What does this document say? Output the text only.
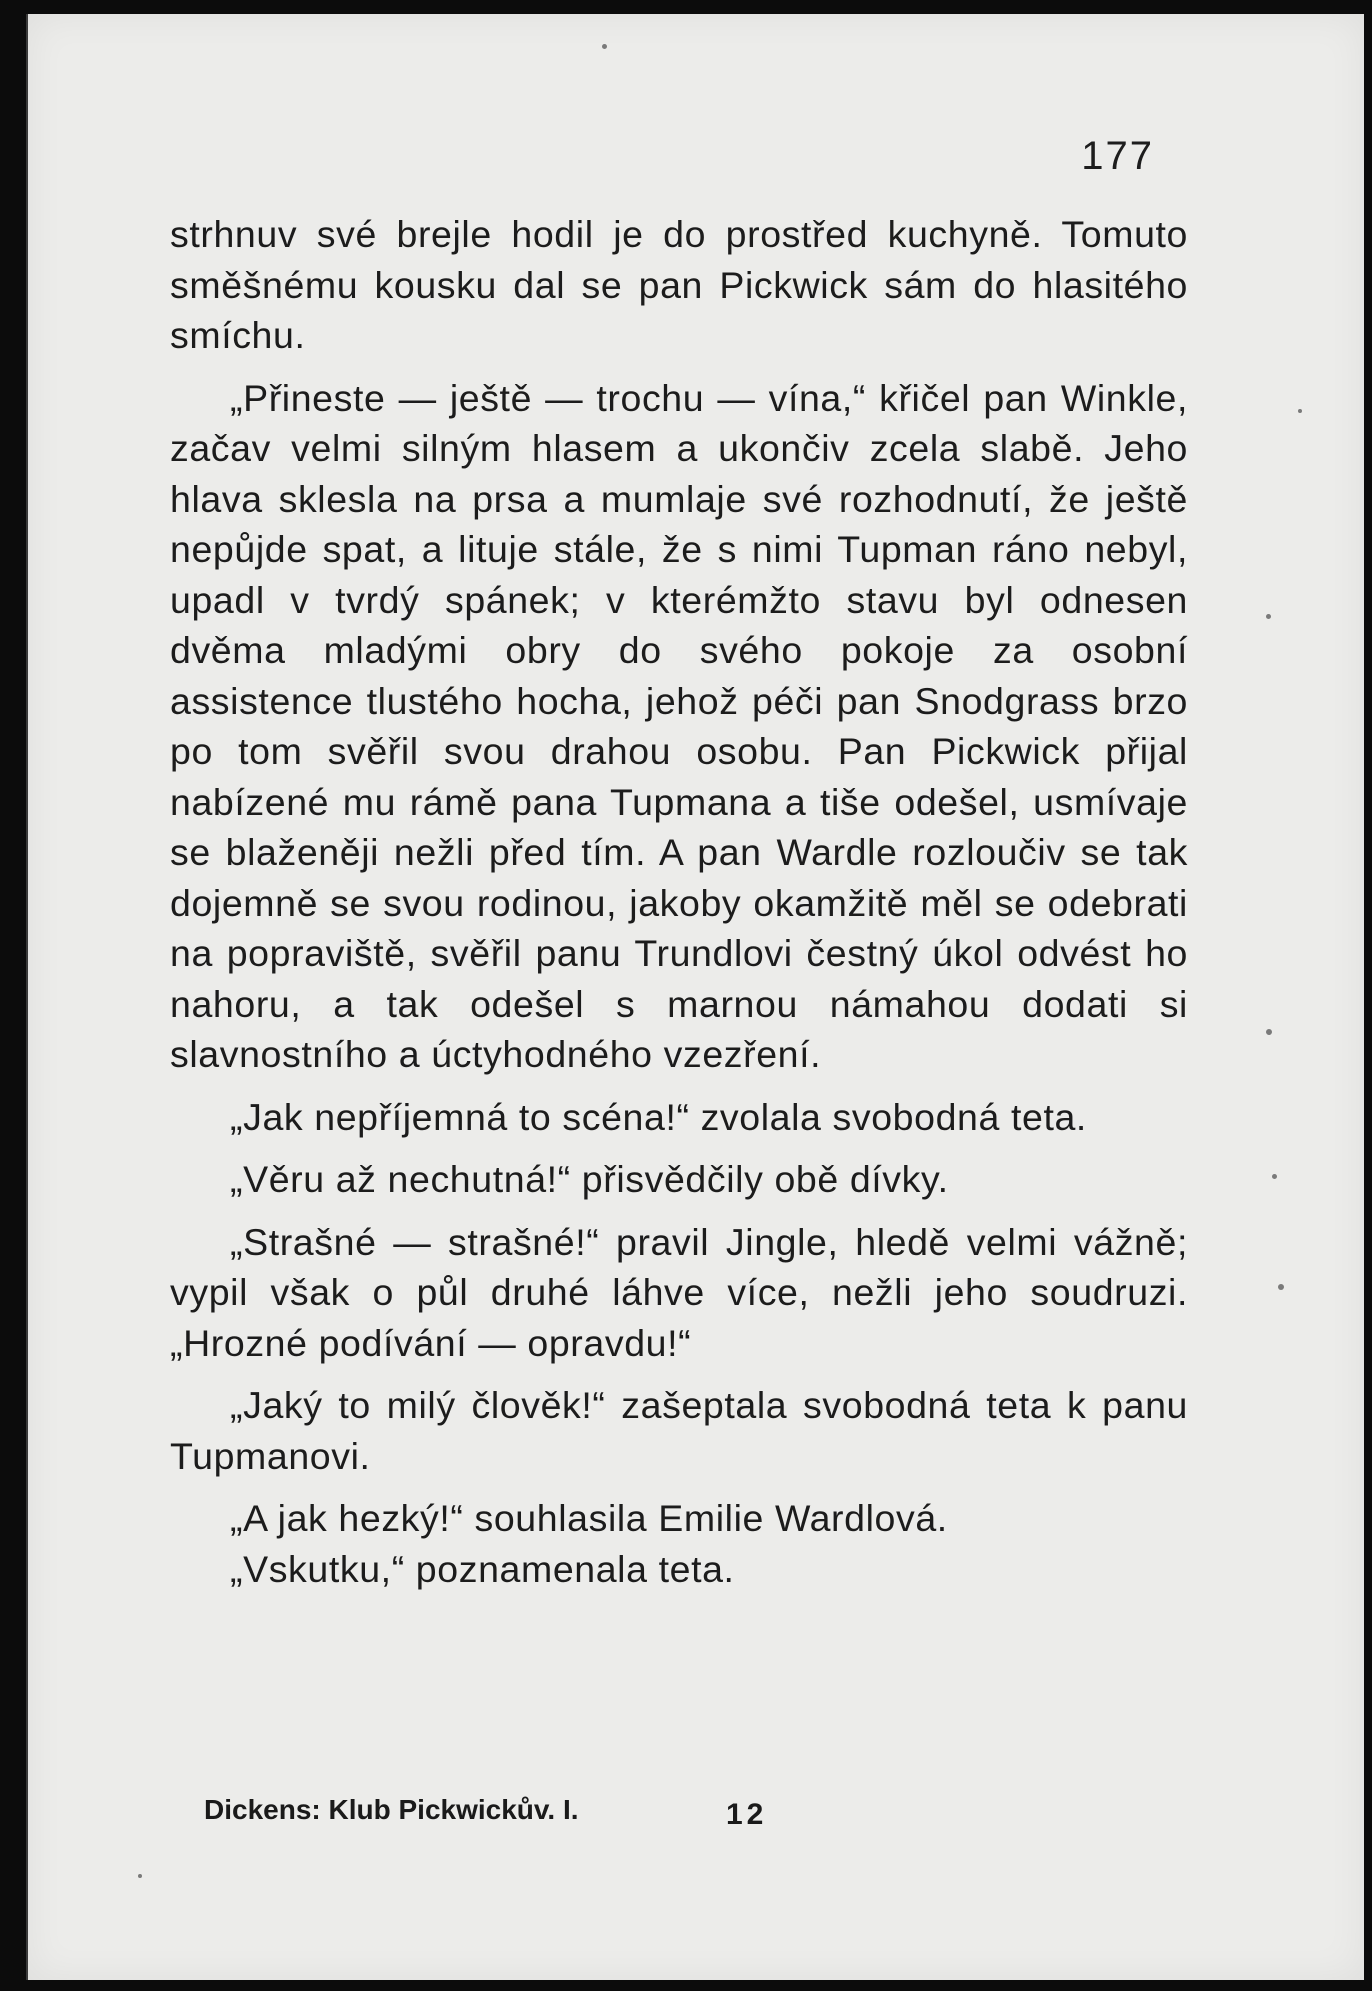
177

strhnuv své brejle hodil je do prostřed kuchyně. Tomuto směšnému kousku dal se pan Pickwick sám do hlasitého smíchu.

„Přineste — ještě — trochu — vína,“ křičel pan Winkle, začav velmi silným hlasem a ukončiv zcela slabě. Jeho hlava sklesla na prsa a mumlaje své rozhodnutí, že ještě nepůjde spat, a lituje stále, že s nimi Tupman ráno nebyl, upadl v tvrdý spánek; v kterémžto stavu byl odnesen dvěma mladými obry do svého pokoje za osobní assistence tlustého hocha, jehož péči pan Snodgrass brzo po tom svěřil svou drahou osobu. Pan Pickwick přijal nabízené mu rámě pana Tupmana a tiše odešel, usmívaje se blaženěji nežli před tím. A pan Wardle rozloučiv se tak dojemně se svou rodinou, jakoby okamžitě měl se odebrati na popraviště, svěřil panu Trundlovi čestný úkol odvést ho nahoru, a tak odešel s marnou námahou dodati si slavnostního a úctyhodného vzezření.

„Jak nepříjemná to scéna!“ zvolala svobodná teta.

„Věru až nechutná!“ přisvědčily obě dívky.

„Strašné — strašné!“ pravil Jingle, hledě velmi vážně; vypil však o půl druhé láhve více, nežli jeho soudruzi. „Hrozné podívání — opravdu!“

„Jaký to milý člověk!“ zašeptala svobodná teta k panu Tupmanovi.

„A jak hezký!“ souhlasila Emilie Wardlová.

„Vskutku,“ poznamenala teta.

Dickens: Klub Pickwickův. I.	12
